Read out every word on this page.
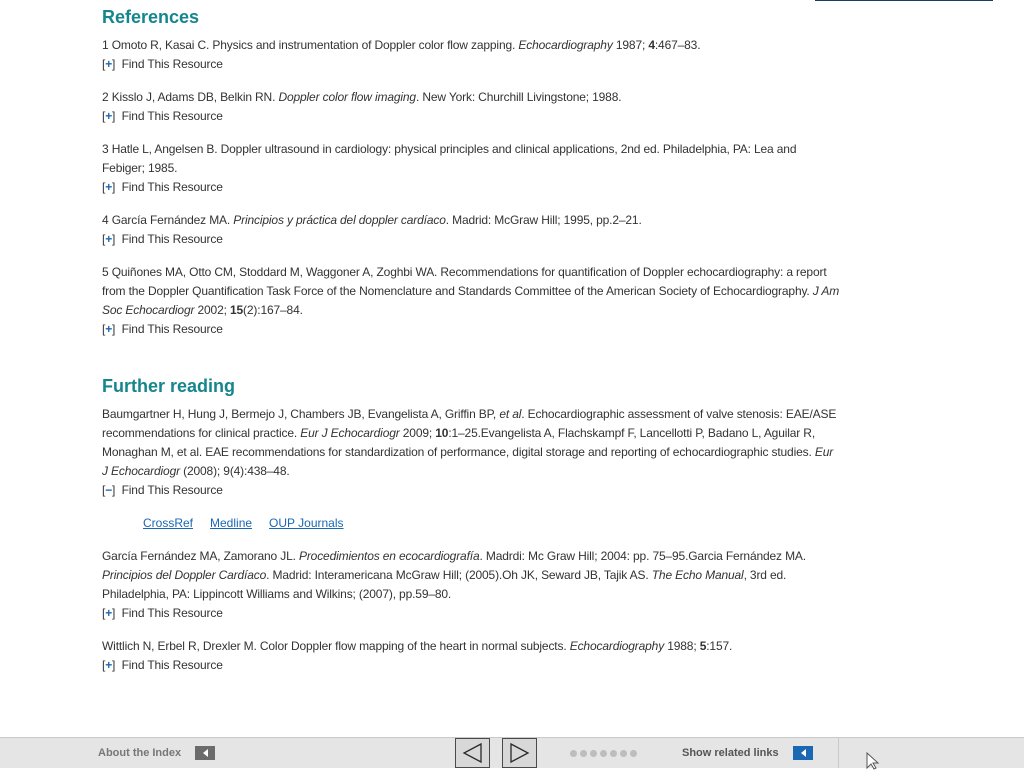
References
1 Omoto R, Kasai C. Physics and instrumentation of Doppler color flow zapping. Echocardiography 1987; 4:467–83.
[+] Find This Resource
2 Kisslo J, Adams DB, Belkin RN. Doppler color flow imaging. New York: Churchill Livingstone; 1988.
[+] Find This Resource
3 Hatle L, Angelsen B. Doppler ultrasound in cardiology: physical principles and clinical applications, 2nd ed. Philadelphia, PA: Lea and Febiger; 1985.
[+] Find This Resource
4 García Fernández MA. Principios y práctica del doppler cardíaco. Madrid: McGraw Hill; 1995, pp.2–21.
[+] Find This Resource
5 Quiñones MA, Otto CM, Stoddard M, Waggoner A, Zoghbi WA. Recommendations for quantification of Doppler echocardiography: a report from the Doppler Quantification Task Force of the Nomenclature and Standards Committee of the American Society of Echocardiography. J Am Soc Echocardiogr 2002; 15(2):167–84.
[+] Find This Resource
Further reading
Baumgartner H, Hung J, Bermejo J, Chambers JB, Evangelista A, Griffin BP, et al. Echocardiographic assessment of valve stenosis: EAE/ASE recommendations for clinical practice. Eur J Echocardiogr 2009; 10:1–25.Evangelista A, Flachskampf F, Lancellotti P, Badano L, Aguilar R, Monaghan M, et al. EAE recommendations for standardization of performance, digital storage and reporting of echocardiographic studies. Eur J Echocardiogr (2008); 9(4):438–48.
[−] Find This Resource
CrossRef Medline OUP Journals
García Fernández MA, Zamorano JL. Procedimientos en ecocardiografía. Madrdi: Mc Graw Hill; 2004: pp. 75–95.Garcia Fernández MA. Principios del Doppler Cardíaco. Madrid: Interamericana McGraw Hill; (2005).Oh JK, Seward JB, Tajik AS. The Echo Manual, 3rd ed. Philadelphia, PA: Lippincott Williams and Wilkins; (2007), pp.59–80.
[+] Find This Resource
Wittlich N, Erbel R, Drexler M. Color Doppler flow mapping of the heart in normal subjects. Echocardiography 1988; 5:157.
[+] Find This Resource
About the Index	Show related links
